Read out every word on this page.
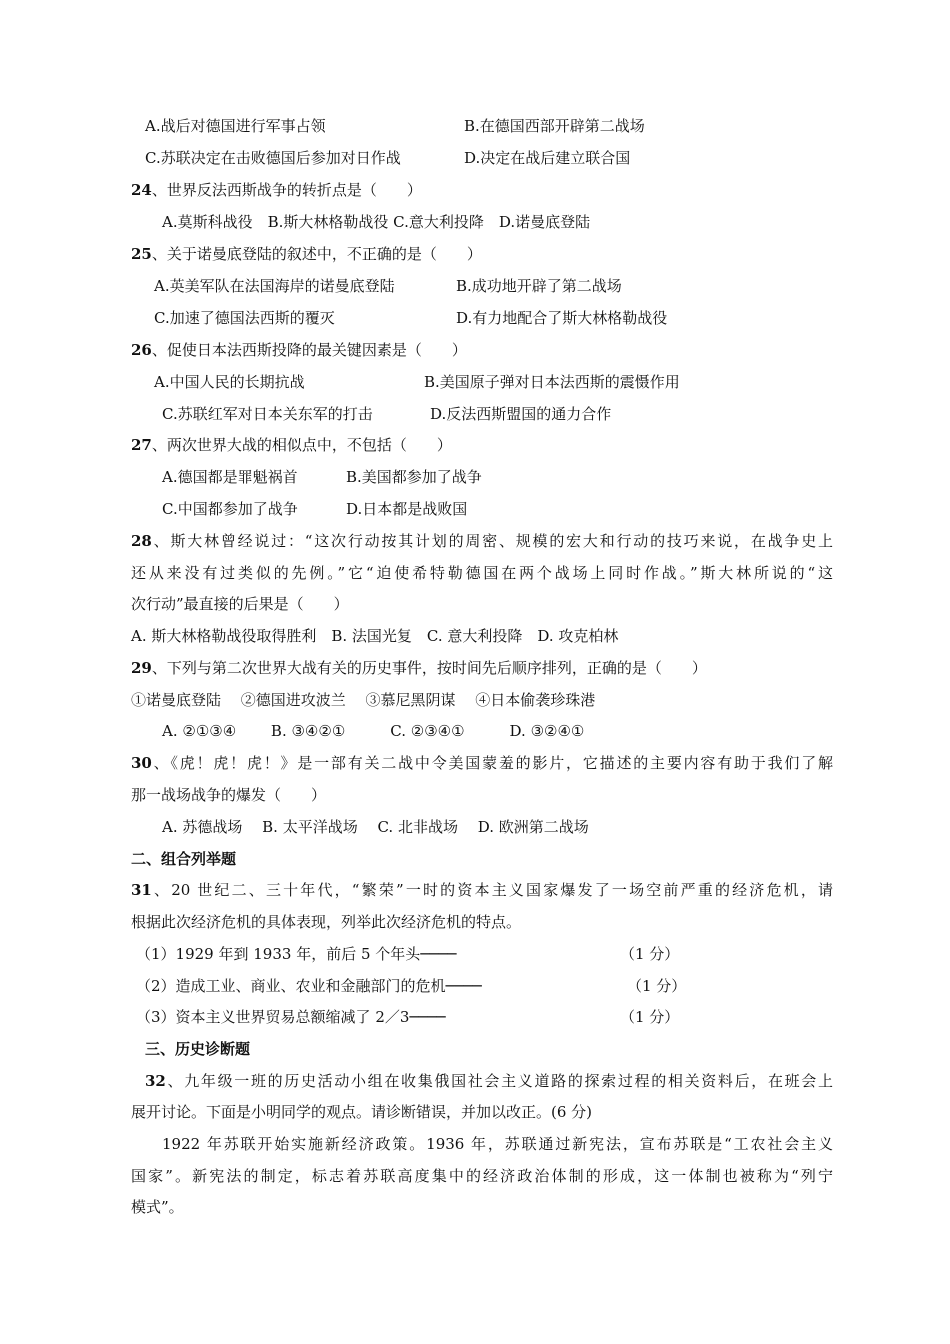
A.战后对德国进行军事占领	B.在德国西部开辟第二战场
C.苏联决定在击败德国后参加对日作战	D.决定在战后建立联合国
24、世界反法西斯战争的转折点是（　　）
A.莫斯科战役　B.斯大林格勒战役 C.意大利投降　D.诺曼底登陆
25、关于诺曼底登陆的叙述中，不正确的是（　　）
A.英美军队在法国海岸的诺曼底登陆	B.成功地开辟了第二战场
C.加速了德国法西斯的覆灭	D.有力地配合了斯大林格勒战役
26、促使日本法西斯投降的最关键因素是（　　）
A.中国人民的长期抗战	B.美国原子弹对日本法西斯的震慑作用
C.苏联红军对日本关东军的打击	D.反法西斯盟国的通力合作
27、两次世界大战的相似点中，不包括（　　）
A.德国都是罪魁祸首	B.美国都参加了战争
C.中国都参加了战争	D.日本都是战败国
28、斯大林曾经说过：“这次行动按其计划的周密、规模的宏大和行动的技巧来说，在战争史上
还从来没有过类似的先例。”它“迫使希特勒德国在两个战场上同时作战。”斯大林所说的“这
次行动”最直接的后果是（　　）
A. 斯大林格勒战役取得胜利　B. 法国光复　C. 意大利投降　D. 攻克柏林
29、下列与第二次世界大战有关的历史事件，按时间先后顺序排列，正确的是（　　）
①诺曼底登陆　 ②德国进攻波兰　 ③慕尼黑阴谋　 ④日本偷袭珍珠港
A. ②①③④　　 B. ③④②①　　　C. ②③④①　　　D. ③②④①
30、《虎！虎！虎！》是一部有关二战中令美国蒙羞的影片，它描述的主要内容有助于我们了解
那一战场战争的爆发（　　）
A. 苏德战场　 B. 太平洋战场　 C. 北非战场　 D. 欧洲第二战场
二、组合列举题
31、20 世纪二、三十年代，“繁荣”一时的资本主义国家爆发了一场空前严重的经济危机，请
根据此次经济危机的具体表现，列举此次经济危机的特点。
（1）1929 年到 1933 年，前后 5 个年头────	（1 分）
（2）造成工业、商业、农业和金融部门的危机────	（1 分）
（3）资本主义世界贸易总额缩减了 2／3────	（1 分）
三、历史诊断题
32、九年级一班的历史活动小组在收集俄国社会主义道路的探索过程的相关资料后，在班会上
展开讨论。下面是小明同学的观点。请诊断错误，并加以改正。(6 分)
1922 年苏联开始实施新经济政策。1936 年，苏联通过新宪法，宣布苏联是“工农社会主义
国家”。新宪法的制定，标志着苏联高度集中的经济政治体制的形成，这一体制也被称为“列宁
模式”。
